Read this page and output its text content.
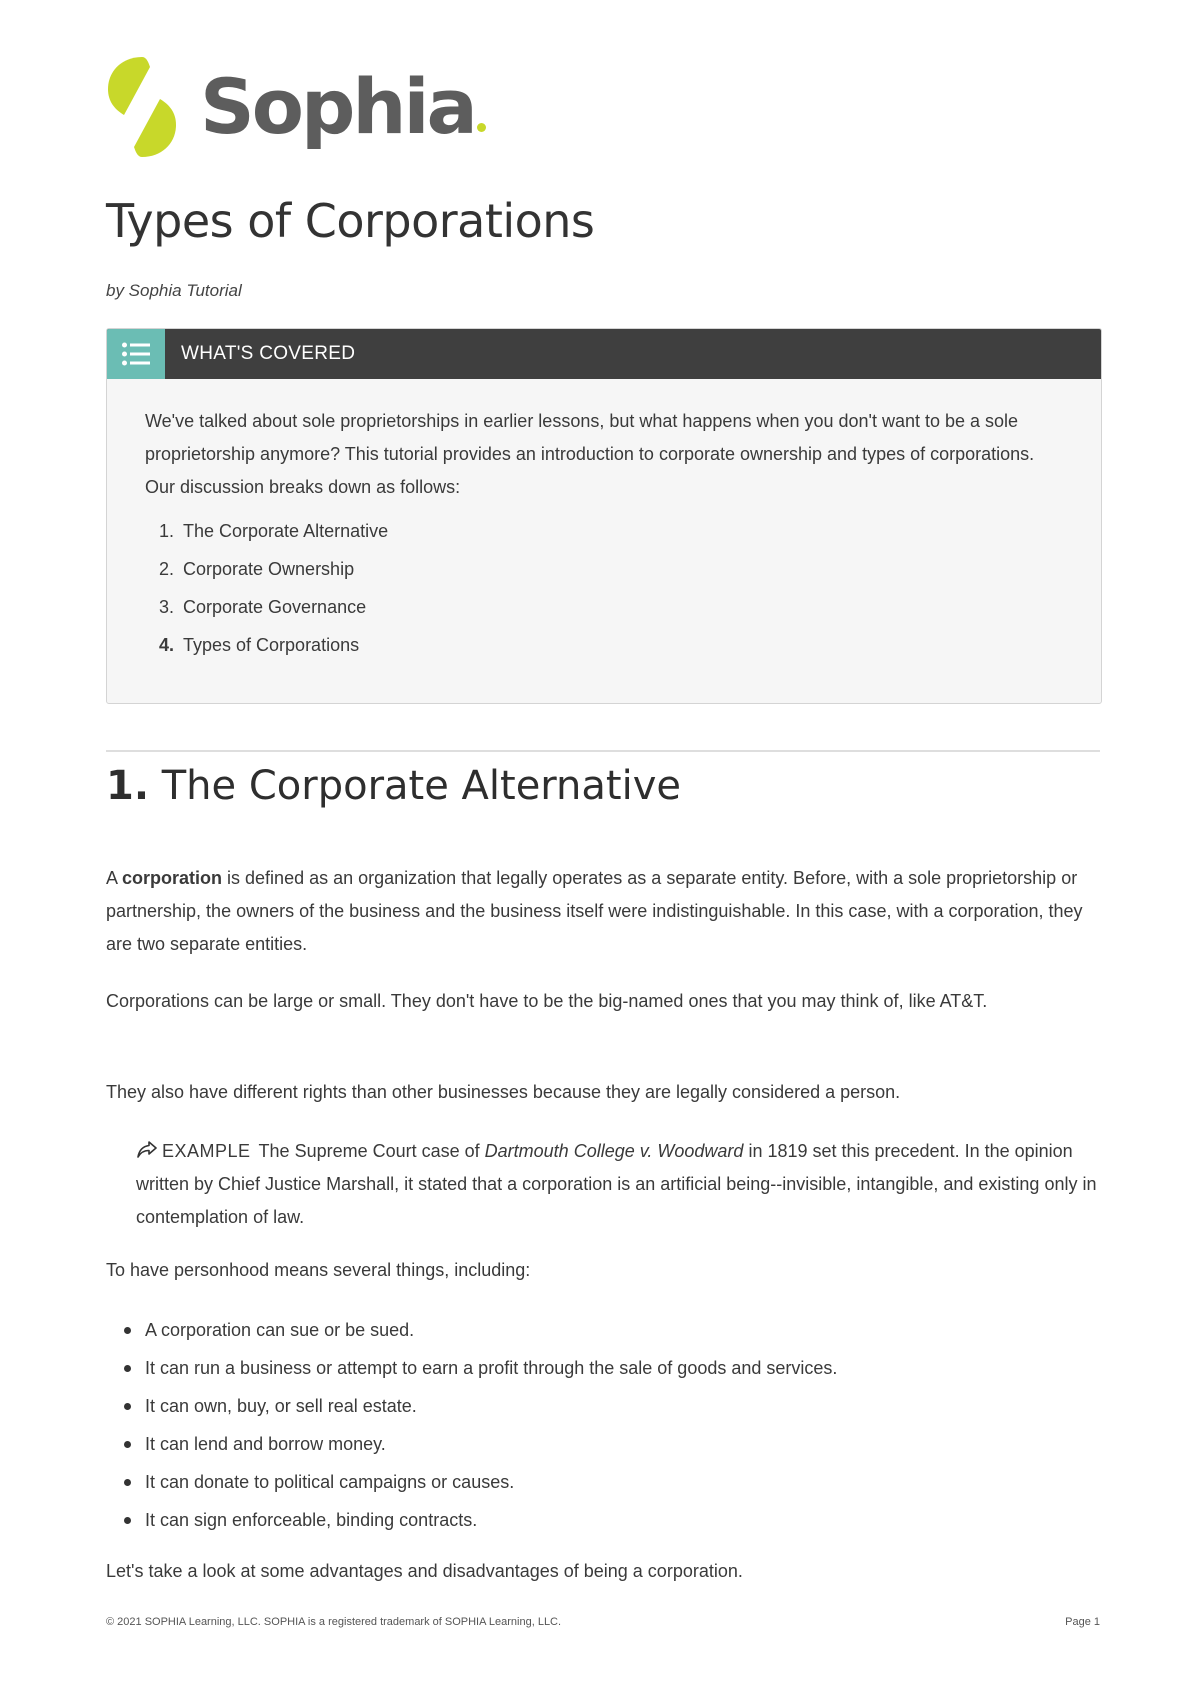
Sophia
Types of Corporations
by Sophia Tutorial
WHAT'S COVERED

We've talked about sole proprietorships in earlier lessons, but what happens when you don't want to be a sole proprietorship anymore? This tutorial provides an introduction to corporate ownership and types of corporations. Our discussion breaks down as follows:

1. The Corporate Alternative
2. Corporate Ownership
3. Corporate Governance
4. Types of Corporations
1. The Corporate Alternative

A corporation is defined as an organization that legally operates as a separate entity. Before, with a sole proprietorship or partnership, the owners of the business and the business itself were indistinguishable. In this case, with a corporation, they are two separate entities.

Corporations can be large or small. They don't have to be the big-named ones that you may think of, like AT&T.

They also have different rights than other businesses because they are legally considered a person.

EXAMPLE The Supreme Court case of Dartmouth College v. Woodward in 1819 set this precedent. In the opinion written by Chief Justice Marshall, it stated that a corporation is an artificial being--invisible, intangible, and existing only in contemplation of law.

To have personhood means several things, including:

A corporation can sue or be sued.
It can run a business or attempt to earn a profit through the sale of goods and services.
It can own, buy, or sell real estate.
It can lend and borrow money.
It can donate to political campaigns or causes.
It can sign enforceable, binding contracts.

Let's take a look at some advantages and disadvantages of being a corporation.

© 2021 SOPHIA Learning, LLC. SOPHIA is a registered trademark of SOPHIA Learning, LLC.	Page 1
